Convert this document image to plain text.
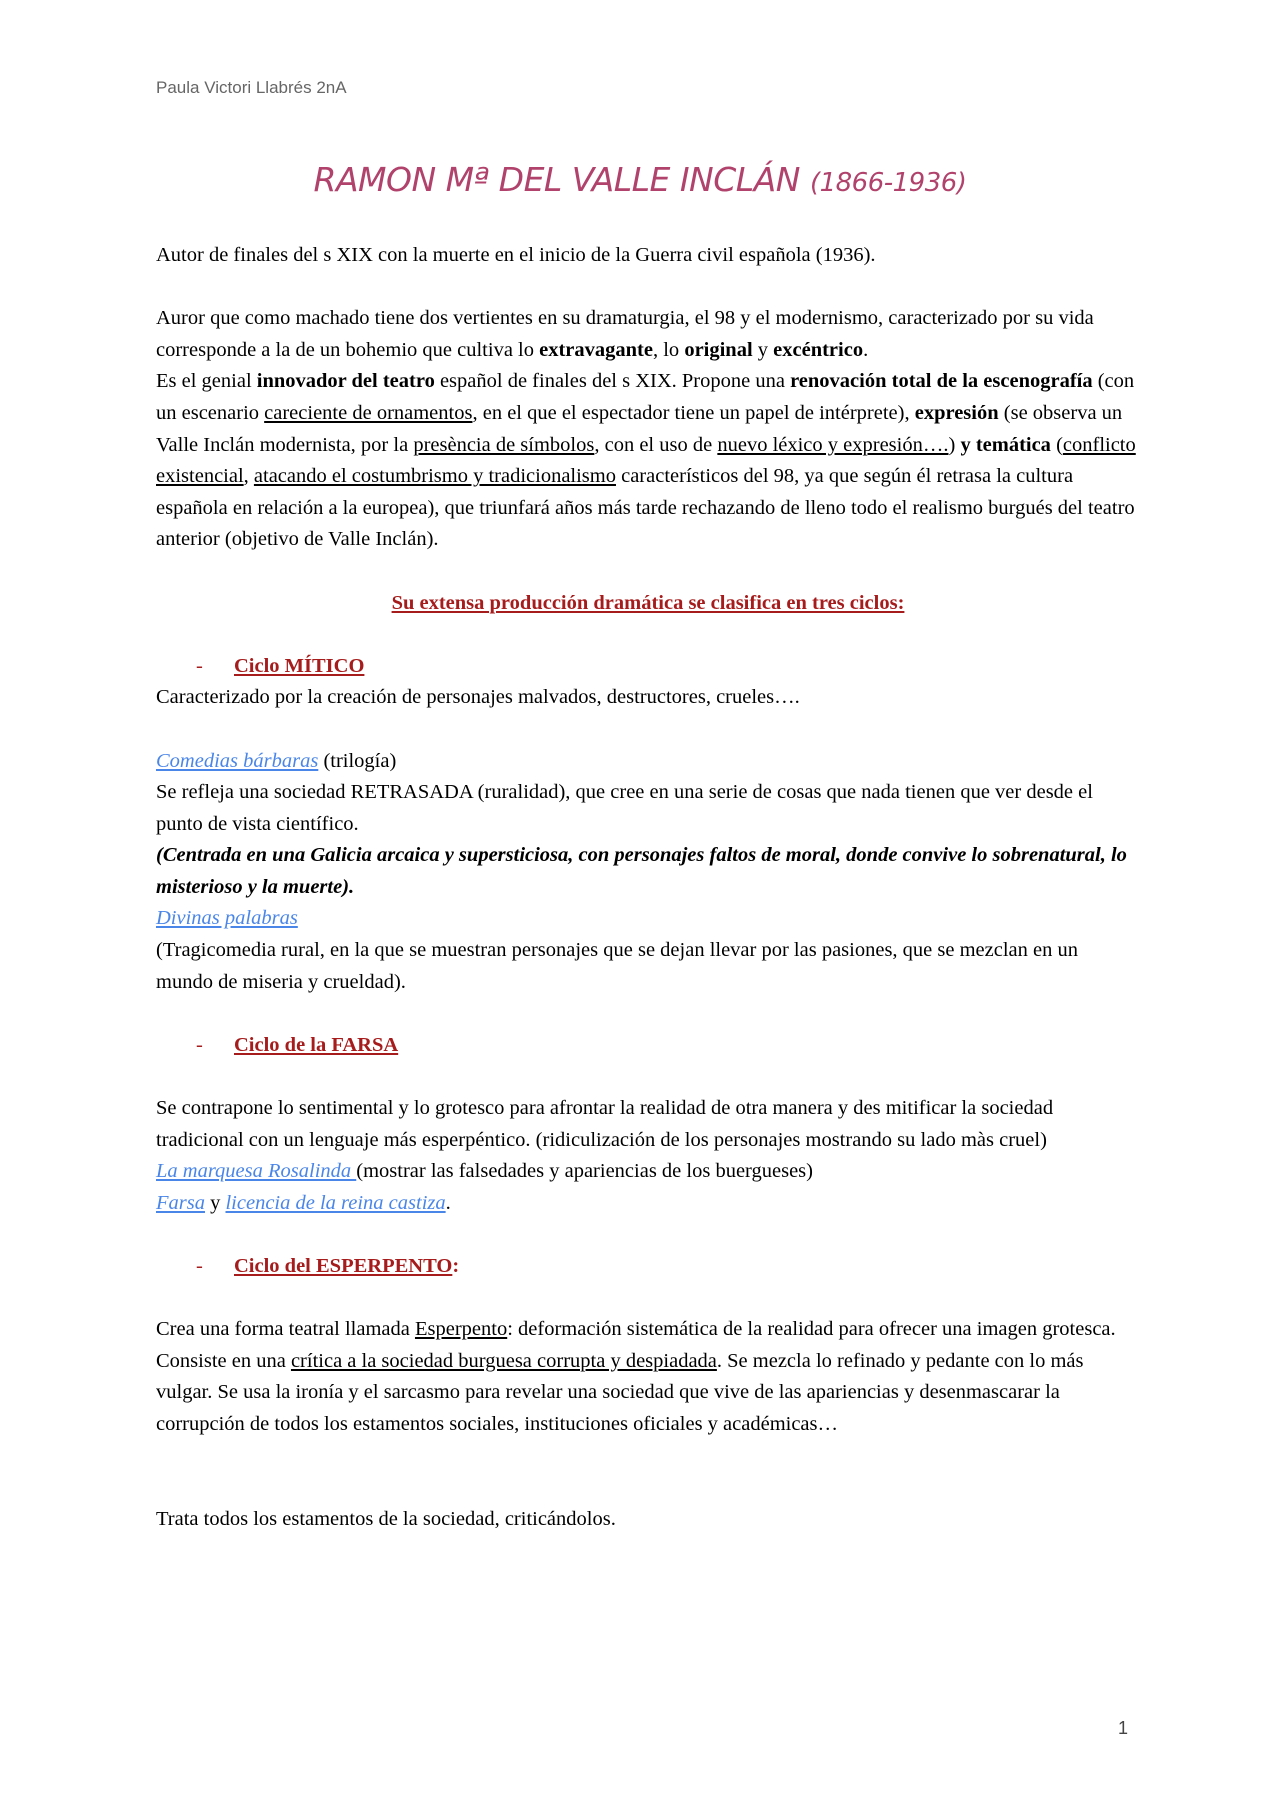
Paula Victori Llabrés 2nA
RAMON Mª DEL VALLE INCLÁN (1866-1936)

Autor de finales del s XIX con la muerte en el inicio de la Guerra civil española (1936).

Auror que como machado tiene dos vertientes en su dramaturgia, el 98 y el modernismo, caracterizado por su vida corresponde a la de un bohemio que cultiva lo extravagante, lo original y excéntrico.

Es el genial innovador del teatro español de finales del s XIX. Propone una renovación total de la escenografía (con un escenario careciente de ornamentos, en el que el espectador tiene un papel de intérprete), expresión (se observa un Valle Inclán modernista, por la presència de símbolos, con el uso de nuevo léxico y expresión….) y temática (conflicto existencial, atacando el costumbrismo y tradicionalismo característicos del 98, ya que según él retrasa la cultura española en relación a la europea), que triunfará años más tarde rechazando de lleno todo el realismo burgués del teatro anterior (objetivo de Valle Inclán).

Su extensa producción dramática se clasifica en tres ciclos:

- Ciclo MÍTICO

Caracterizado por la creación de personajes malvados, destructores, crueles….

Comedias bárbaras (trilogía)

Se refleja una sociedad RETRASADA (ruralidad), que cree en una serie de cosas que nada tienen que ver desde el punto de vista científico.

(Centrada en una Galicia arcaica y supersticiosa, con personajes faltos de moral, donde convive lo sobrenatural, lo misterioso y la muerte).

Divinas palabras

(Tragicomedia rural, en la que se muestran personajes que se dejan llevar por las pasiones, que se mezclan en un mundo de miseria y crueldad).

- Ciclo de la FARSA

Se contrapone lo sentimental y lo grotesco para afrontar la realidad de otra manera y des mitificar la sociedad tradicional con un lenguaje más esperpéntico. (ridiculización de los personajes mostrando su lado màs cruel)

La marquesa Rosalinda (mostrar las falsedades y apariencias de los buergueses)

Farsa y licencia de la reina castiza.

- Ciclo del ESPERPENTO:

Crea una forma teatral llamada Esperpento: deformación sistemática de la realidad para ofrecer una imagen grotesca.

Consiste en una crítica a la sociedad burguesa corrupta y despiadada. Se mezcla lo refinado y pedante con lo más vulgar. Se usa la ironía y el sarcasmo para revelar una sociedad que vive de las apariencias y desenmascarar la corrupción de todos los estamentos sociales, instituciones oficiales y académicas…

Trata todos los estamentos de la sociedad, criticándolos.

1
